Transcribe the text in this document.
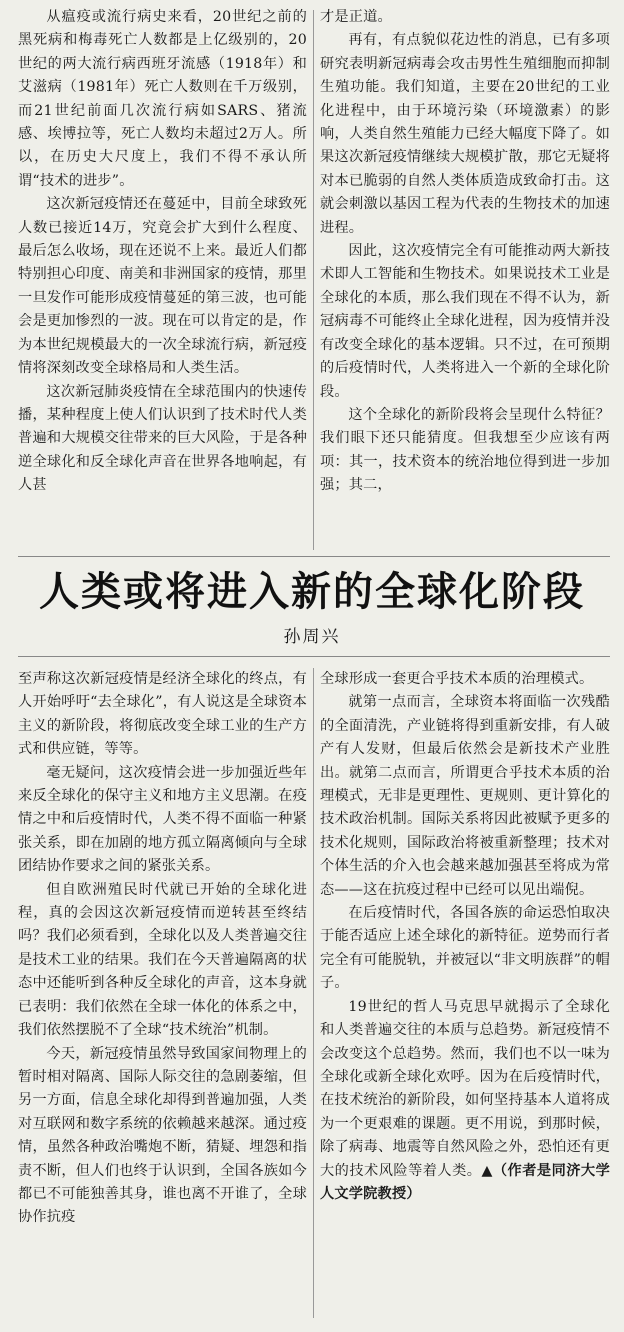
从瘟疫或流行病史来看，20世纪之前的黑死病和梅毒死亡人数都是上亿级别的，20世纪的两大流行病西班牙流感（1918年）和艾滋病（1981年）死亡人数则在千万级别，而21世纪前面几次流行病如SARS、猪流感、埃博拉等，死亡人数均未超过2万人。所以，在历史大尺度上，我们不得不承认所谓“技术的进步”。

这次新冠疫情还在蔓延中，目前全球致死人数已接近14万，究竟会扩大到什么程度、最后怎么收场，现在还说不上来。最近人们都特别担心印度、南美和非洲国家的疫情，那里一旦发作可能形成疫情蔓延的第三波，也可能会是更加惨烈的一波。现在可以肯定的是，作为本世纪规模最大的一次全球流行病，新冠疫情将深刻改变全球格局和人类生活。

这次新冠肺炎疫情在全球范围内的快速传播，某种程度上使人们认识到了技术时代人类普遍和大规模交往带来的巨大风险，于是各种逆全球化和反全球化声音在世界各地响起，有人甚

才是正道。

再有，有点貌似花边性的消息，已有多项研究表明新冠病毒会攻击男性生殖细胞而抑制生殖功能。我们知道，主要在20世纪的工业化进程中，由于环境污染（环境激素）的影响，人类自然生殖能力已经大幅度下降了。如果这次新冠疫情继续大规模扩散，那它无疑将对本已脆弱的自然人类体质造成致命打击。这就会刺激以基因工程为代表的生物技术的加速进程。

因此，这次疫情完全有可能推动两大新技术即人工智能和生物技术。如果说技术工业是全球化的本质，那么我们现在不得不认为，新冠病毒不可能终止全球化进程，因为疫情并没有改变全球化的基本逻辑。只不过，在可预期的后疫情时代，人类将进入一个新的全球化阶段。

这个全球化的新阶段将会呈现什么特征？我们眼下还只能猜度。但我想至少应该有两项：其一，技术资本的统治地位得到进一步加强；其二，

人类或将进入新的全球化阶段
孙周兴

至声称这次新冠疫情是经济全球化的终点，有人开始呼吁“去全球化”，有人说这是全球资本主义的新阶段，将彻底改变全球工业的生产方式和供应链，等等。

毫无疑问，这次疫情会进一步加强近些年来反全球化的保守主义和地方主义思潮。在疫情之中和后疫情时代，人类不得不面临一种紧张关系，即在加剧的地方孤立隔离倾向与全球团结协作要求之间的紧张关系。

但自欧洲殖民时代就已开始的全球化进程，真的会因这次新冠疫情而逆转甚至终结吗？我们必须看到，全球化以及人类普遍交往是技术工业的结果。我们在今天普遍隔离的状态中还能听到各种反全球化的声音，这本身就已表明：我们依然在全球一体化的体系之中，我们依然摆脱不了全球“技术统治”机制。

今天，新冠疫情虽然导致国家间物理上的暂时相对隔离、国际人际交往的急剧萎缩，但另一方面，信息全球化却得到普遍加强，人类对互联网和数字系统的依赖越来越深。通过疫情，虽然各种政治嘴炮不断，猜疑、埋怨和指责不断，但人们也终于认识到，全国各族如今都已不可能独善其身，谁也离不开谁了，全球协作抗疫

全球形成一套更合乎技术本质的治理模式。

就第一点而言，全球资本将面临一次残酷的全面清洗，产业链将得到重新安排，有人破产有人发财，但最后依然会是新技术产业胜出。就第二点而言，所谓更合乎技术本质的治理模式，无非是更理性、更规则、更计算化的技术政治机制。国际关系将因此被赋予更多的技术化规则，国际政治将被重新整理；技术对个体生活的介入也会越来越加强甚至将成为常态——这在抗疫过程中已经可以见出端倪。

在后疫情时代，各国各族的命运恐怕取决于能否适应上述全球化的新特征。逆势而行者完全有可能脱轨，并被冠以“非文明族群”的帽子。

19世纪的哲人马克思早就揭示了全球化和人类普遍交往的本质与总趋势。新冠疫情不会改变这个总趋势。然而，我们也不以一味为全球化或新全球化欢呼。因为在后疫情时代，在技术统治的新阶段，如何坚持基本人道将成为一个更艰难的课题。更不用说，到那时候，除了病毒、地震等自然风险之外，恐怕还有更大的技术风险等着人类。▲（作者是同济大学人文学院教授）
